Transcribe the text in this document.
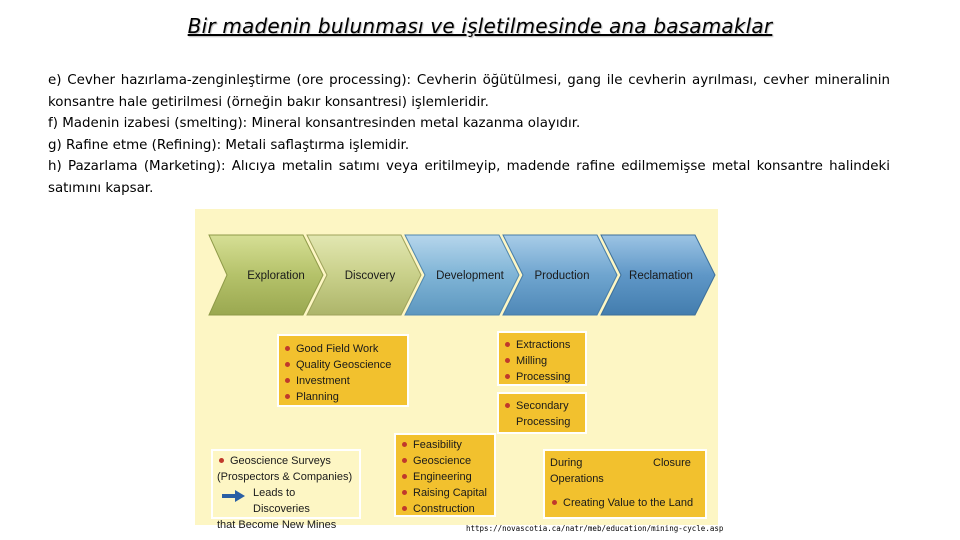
Bir madenin bulunması ve işletilmesinde ana basamaklar

e) Cevher hazırlama-zenginleştirme (ore processing): Cevherin öğütülmesi, gang ile cevherin ayrılması, cevher mineralinin konsantre hale getirilmesi (örneğin bakır konsantresi) işlemleridir.

f) Madenin izabesi (smelting): Mineral konsantresinden metal kazanma olayıdır.

g) Rafine etme (Refining): Metali saflaştırma işlemidir.

h) Pazarlama (Marketing): Alıcıya metalin satımı veya eritilmeyip, madende rafine edilmemişse metal konsantre halindeki satımını kapsar.

Exploration	Discovery	Development	Production	Reclamation
Good Field Work
Quality Geoscience
Investment
Planning
Extractions
Milling
Processing
Secondary Processing
Feasibility
Geoscience
Engineering
Raising Capital
Construction
Geoscience Surveys
(Prospectors & Companies)
Leads to Discoveries
that Become New Mines
During
Operations
Closure
Creating Value to the Land
https://novascotia.ca/natr/meb/education/mining-cycle.asp
